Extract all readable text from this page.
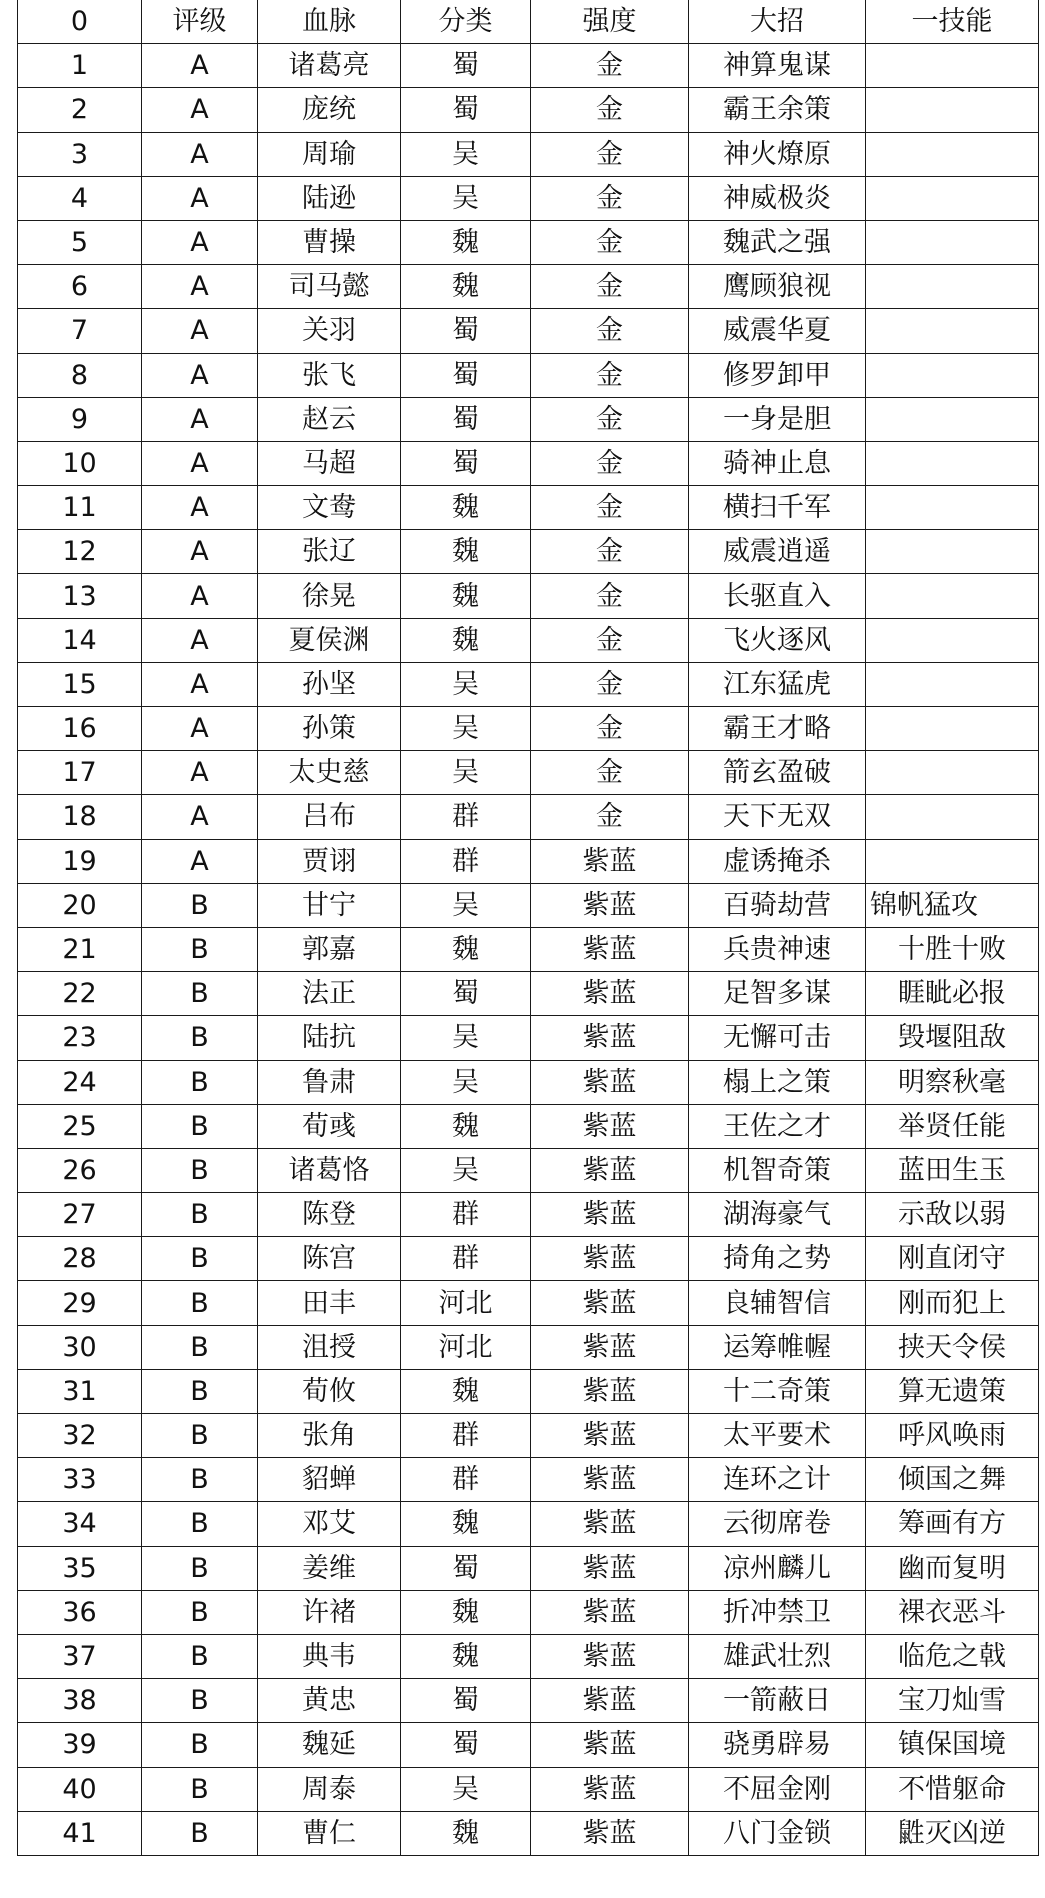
0	评级	血脉	分类	强度	大招	一技能
1	A	诸葛亮	蜀	金	神算鬼谋	
2	A	庞统	蜀	金	霸王余策	
3	A	周瑜	吴	金	神火燎原	
4	A	陆逊	吴	金	神威极炎	
5	A	曹操	魏	金	魏武之强	
6	A	司马懿	魏	金	鹰顾狼视	
7	A	关羽	蜀	金	威震华夏	
8	A	张飞	蜀	金	修罗卸甲	
9	A	赵云	蜀	金	一身是胆	
10	A	马超	蜀	金	骑神止息	
11	A	文鸯	魏	金	横扫千军	
12	A	张辽	魏	金	威震逍遥	
13	A	徐晃	魏	金	长驱直入	
14	A	夏侯渊	魏	金	飞火逐风	
15	A	孙坚	吴	金	江东猛虎	
16	A	孙策	吴	金	霸王才略	
17	A	太史慈	吴	金	箭玄盈破	
18	A	吕布	群	金	天下无双	
19	A	贾诩	群	紫蓝	虚诱掩杀	
20	B	甘宁	吴	紫蓝	百骑劫营	锦帆猛攻
21	B	郭嘉	魏	紫蓝	兵贵神速	十胜十败
22	B	法正	蜀	紫蓝	足智多谋	睚眦必报
23	B	陆抗	吴	紫蓝	无懈可击	毁堰阻敌
24	B	鲁肃	吴	紫蓝	榻上之策	明察秋毫
25	B	荀彧	魏	紫蓝	王佐之才	举贤任能
26	B	诸葛恪	吴	紫蓝	机智奇策	蓝田生玉
27	B	陈登	群	紫蓝	湖海豪气	示敌以弱
28	B	陈宫	群	紫蓝	掎角之势	刚直闭守
29	B	田丰	河北	紫蓝	良辅智信	刚而犯上
30	B	沮授	河北	紫蓝	运筹帷幄	挟天令侯
31	B	荀攸	魏	紫蓝	十二奇策	算无遗策
32	B	张角	群	紫蓝	太平要术	呼风唤雨
33	B	貂蝉	群	紫蓝	连环之计	倾国之舞
34	B	邓艾	魏	紫蓝	云彻席卷	筹画有方
35	B	姜维	蜀	紫蓝	凉州麟儿	幽而复明
36	B	许褚	魏	紫蓝	折冲禁卫	裸衣恶斗
37	B	典韦	魏	紫蓝	雄武壮烈	临危之戟
38	B	黄忠	蜀	紫蓝	一箭蔽日	宝刀灿雪
39	B	魏延	蜀	紫蓝	骁勇辟易	镇保国境
40	B	周泰	吴	紫蓝	不屈金刚	不惜躯命
41	B	曹仁	魏	紫蓝	八门金锁	鼪灭凶逆
